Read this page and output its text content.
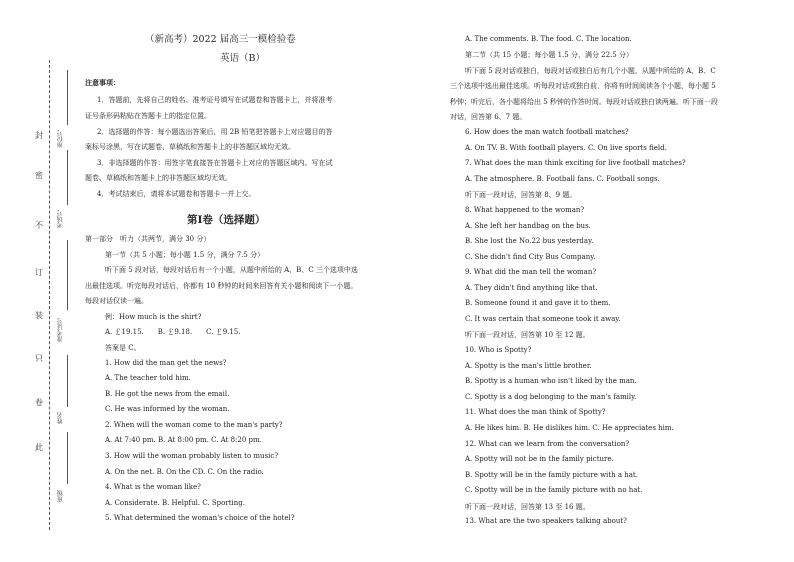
封
密
不
订
装
只
卷
此
座位号
考场号
准考证号
姓名
班级
（新高考）2022 届高三一模检验卷
英语（B）
注意事项：
1．答题前，先将自己的姓名、准考证号填写在试题卷和答题卡上，并将准考
证号条形码粘贴在答题卡上的指定位置。
2．选择题的作答：每小题选出答案后，用 2B 铅笔把答题卡上对应题目的答
案标号涂黑，写在试题卷、草稿纸和答题卡上的非答题区域均无效。
3．非选择题的作答：用签字笔直接答在答题卡上对应的答题区域内。写在试
题卷、草稿纸和答题卡上的非答题区域均无效。
4．考试结束后，请将本试题卷和答题卡一并上交。
第Ⅰ卷（选择题）
第一部分　听力（共两节，满分 30 分）
第一节（共 5 小题；每小题 1.5 分，满分 7.5 分）
听下面 5 段对话，每段对话后有一个小题，从题中所给的 A、B、C 三个选项中选
出最佳选项。听完每段对话后，你都有 10 秒钟的时间来回答有关小题和阅读下一小题。
每段对话仅读一遍。
例：How much is the shirt?
A. ￡19.15.　　B. ￡9.18.　　C. ￡9.15.
答案是 C。
1. How did the man get the news?
A. The teacher told him.
B. He got the news from the email.
C. He was informed by the woman.
2. When will the woman come to the man's party?
A. At 7:40 pm. B. At 8:00 pm. C. At 8:20 pm.
3. How will the woman probably listen to music?
A. On the net. B. On the CD. C. On the radio.
4. What is the woman like?
A. Considerate. B. Helpful. C. Sporting.
5. What determined the woman's choice of the hotel?
A. The comments. B. The food. C. The location.
第二节（共 15 小题；每小题 1.5 分，满分 22.5 分）
听下面 5 段对话或独白，每段对话或独白后有几个小题，从题中所给的 A、B、C
三个选项中选出最佳选项。听每段对话或独白前，你将有时间阅读各个小题，每小题 5
秒钟；听完后，各小题将给出 5 秒钟的作答时间。每段对话或独白读两遍。听下面一段
对话，回答第 6、7 题。
6. How does the man watch football matches?
A. On TV. B. With football players. C. On live sports field.
7. What does the man think exciting for live football matches?
A. The atmosphere. B. Football fans. C. Football songs.
听下面一段对话，回答第 8、9 题。
8. What happened to the woman?
A. She left her handbag on the bus.
B. She lost the No.22 bus yesterday.
C. She didn't find City Bus Company.
9. What did the man tell the woman?
A. They didn't find anything like that.
B. Someone found it and gave it to them.
C. It was certain that someone took it away.
听下面一段对话，回答第 10 至 12 题。
10. Who is Spotty?
A. Spotty is the man's little brother.
B. Spotty is a human who isn't liked by the man.
C. Spotty is a dog belonging to the man's family.
11. What does the man think of Spotty?
A. He likes him. B. He dislikes him. C. He appreciates him.
12. What can we learn from the conversation?
A. Spotty will not be in the family picture.
B. Spotty will be in the family picture with a hat.
C. Spotty will be in the family picture with no hat.
听下面一段对话，回答第 13 至 16 题。
13. What are the two speakers talking about?
